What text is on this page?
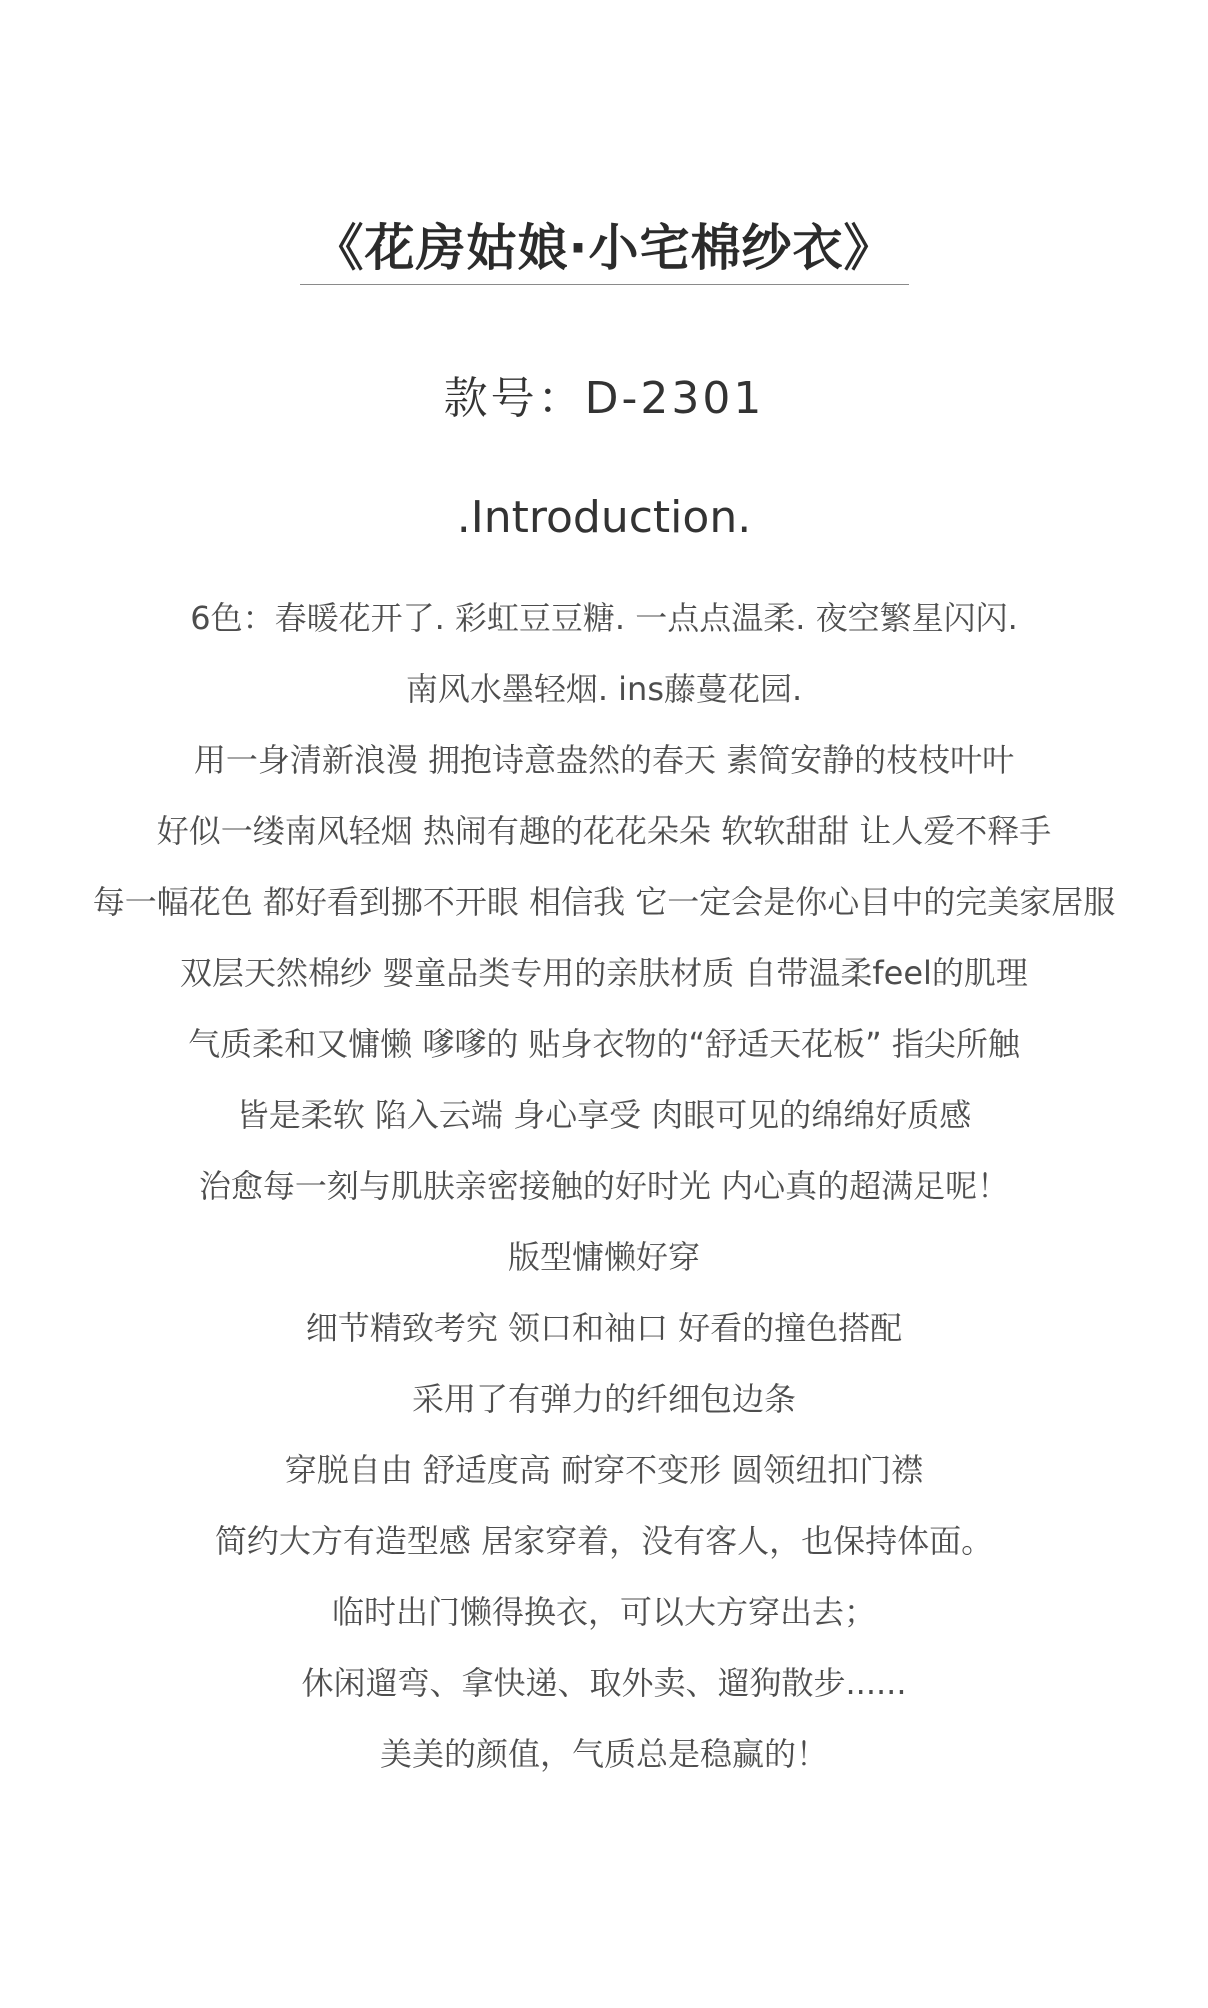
《花房姑娘·小宅棉纱衣》
款号：D-2301
.Introduction.
6色：春暖花开了. 彩虹豆豆糖. 一点点温柔. 夜空繁星闪闪.
南风水墨轻烟. ins藤蔓花园.
用一身清新浪漫 拥抱诗意盎然的春天 素简安静的枝枝叶叶
好似一缕南风轻烟 热闹有趣的花花朵朵 软软甜甜 让人爱不释手
每一幅花色 都好看到挪不开眼 相信我 它一定会是你心目中的完美家居服
双层天然棉纱 婴童品类专用的亲肤材质 自带温柔feel的肌理
气质柔和又慵懒 嗲嗲的 贴身衣物的“舒适天花板” 指尖所触
皆是柔软 陷入云端 身心享受 肉眼可见的绵绵好质感
治愈每一刻与肌肤亲密接触的好时光 内心真的超满足呢！
版型慵懒好穿
细节精致考究 领口和袖口 好看的撞色搭配
采用了有弹力的纤细包边条
穿脱自由 舒适度高 耐穿不变形 圆领纽扣门襟
简约大方有造型感 居家穿着，没有客人，也保持体面。
临时出门懒得换衣，可以大方穿出去；
休闲遛弯、拿快递、取外卖、遛狗散步......
美美的颜值，气质总是稳赢的！
